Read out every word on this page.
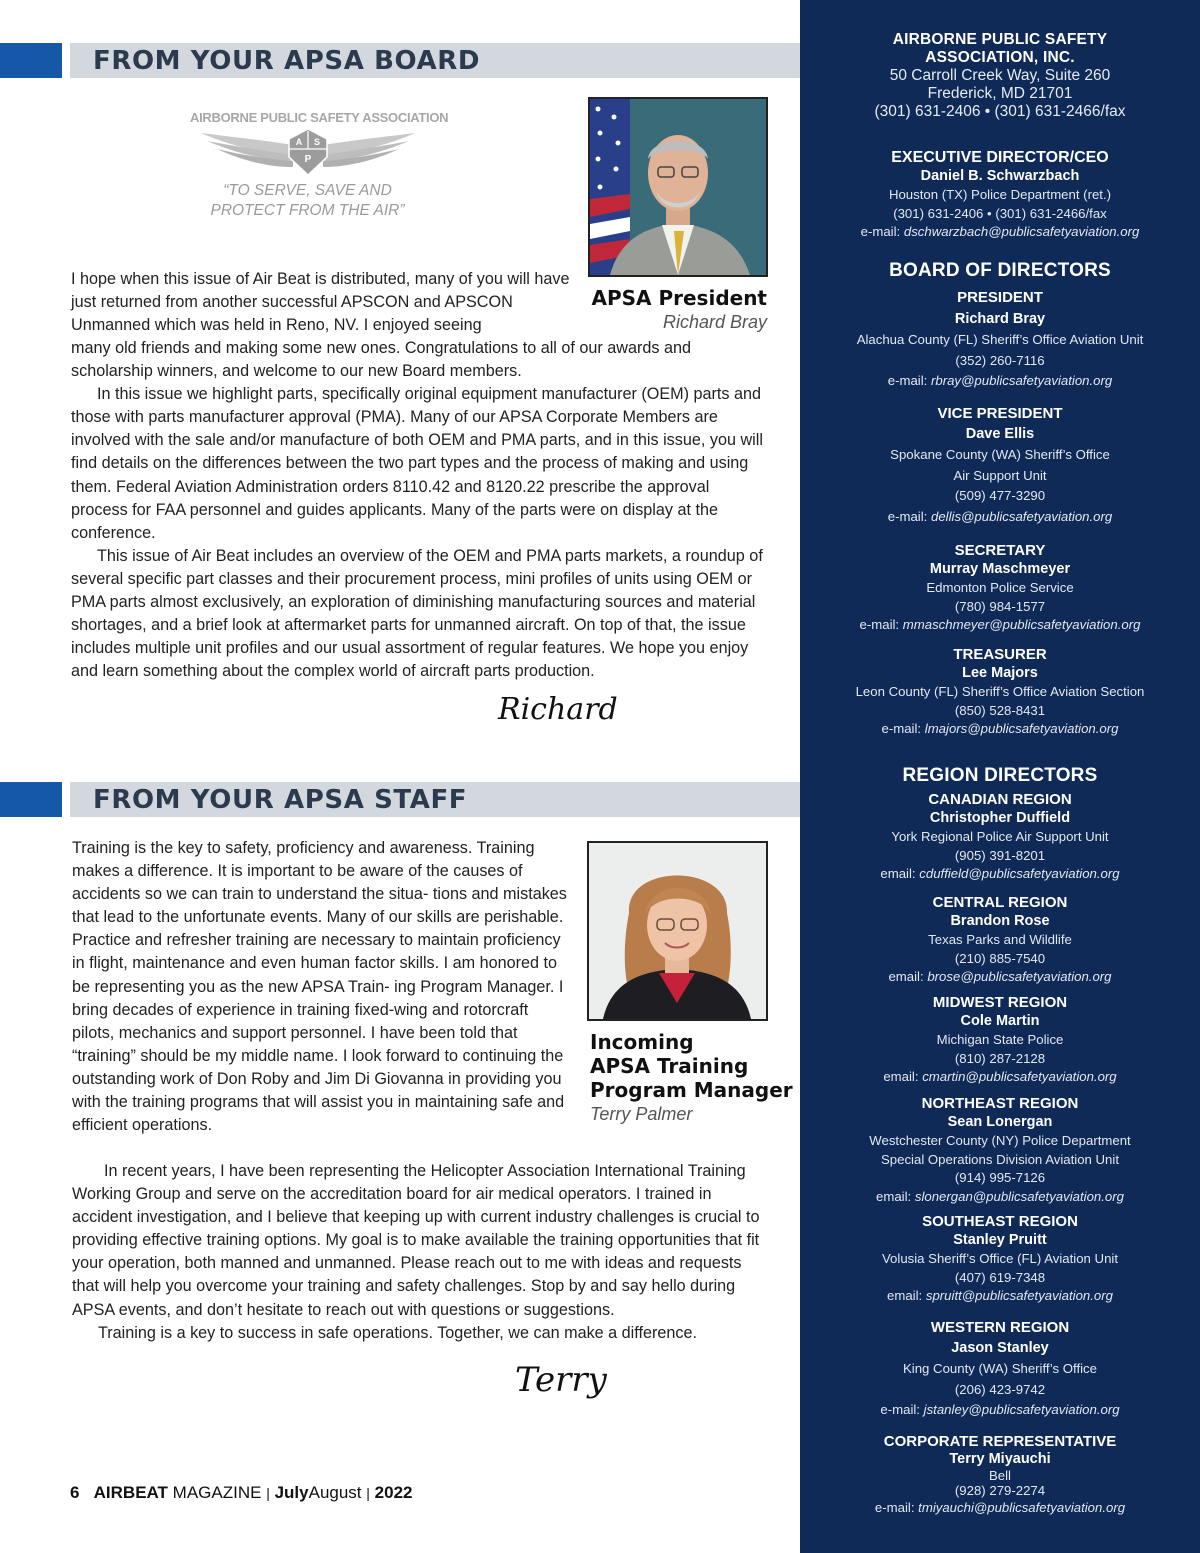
FROM YOUR APSA BOARD
AIRBORNE PUBLIC SAFETY ASSOCIATION
A S
P
“TO SERVE, SAVE AND
PROTECT FROM THE AIR”
APSA President
Richard Bray
I hope when this issue of Air Beat is distributed, many of you will have just returned from another successful APSCON and APSCON Unmanned which was held in Reno, NV. I enjoyed seeing

many old friends and making some new ones. Congratulations to all of our awards and scholarship winners, and welcome to our new Board members.

In this issue we highlight parts, specifically original equipment manufacturer (OEM) parts and those with parts manufacturer approval (PMA). Many of our APSA Corporate Members are involved with the sale and/or manufacture of both OEM and PMA parts, and in this issue, you will find details on the differences between the two part types and the process of making and using them. Federal Aviation Administration orders 8110.42 and 8120.22 prescribe the approval process for FAA personnel and guides applicants. Many of the parts were on display at the conference.

This issue of Air Beat includes an overview of the OEM and PMA parts markets, a roundup of several specific part classes and their procurement process, mini profiles of units using OEM or PMA parts almost exclusively, an exploration of diminishing manufacturing sources and material shortages, and a brief look at aftermarket parts for unmanned aircraft. On top of that, the issue includes multiple unit profiles and our usual assortment of regular features. We hope you enjoy and learn something about the complex world of aircraft parts production.

Richard
FROM YOUR APSA STAFF
Incoming
APSA Training
Program Manager
Terry Palmer
Training is the key to safety, proficiency and awareness. Training makes a difference. It is important to be aware of the causes of accidents so we can train to understand the situa- tions and mistakes that lead to the unfortunate events. Many of our skills are perishable. Practice and refresher training are necessary to maintain proficiency in flight, maintenance and even human factor skills. I am honored to be representing you as the new APSA Train- ing Program Manager. I bring decades of experience in training fixed-wing and rotorcraft pilots, mechanics and support personnel. I have been told that “training” should be my middle name. I look forward to continuing the outstanding work of Don Roby and Jim Di Giovanna in providing you with the training programs that will assist you in maintaining safe and efficient operations.

In recent years, I have been representing the Helicopter Association International Training Working Group and serve on the accreditation board for air medical operators. I trained in accident investigation, and I believe that keeping up with current industry challenges is crucial to providing effective training options. My goal is to make available the training opportunities that fit your operation, both manned and unmanned. Please reach out to me with ideas and requests that will help you overcome your training and safety challenges. Stop by and say hello during APSA events, and don’t hesitate to reach out with questions or suggestions.

Training is a key to success in safe operations. Together, we can make a difference.

Terry
6 AIRBEAT MAGAZINE | JulyAugust | 2022
AIRBORNE PUBLIC SAFETY
ASSOCIATION, INC.
50 Carroll Creek Way, Suite 260
Frederick, MD 21701
(301) 631-2406 • (301) 631-2466/fax
EXECUTIVE DIRECTOR/CEO
Daniel B. Schwarzbach
Houston (TX) Police Department (ret.)
(301) 631-2406 • (301) 631-2466/fax
e-mail: dschwarzbach@publicsafetyaviation.org
BOARD OF DIRECTORS
PRESIDENT
Richard Bray
Alachua County (FL) Sheriff’s Office Aviation Unit
(352) 260-7116
e-mail: rbray@publicsafetyaviation.org
VICE PRESIDENT
Dave Ellis
Spokane County (WA) Sheriff’s Office
Air Support Unit
(509) 477-3290
e-mail: dellis@publicsafetyaviation.org
SECRETARY
Murray Maschmeyer
Edmonton Police Service
(780) 984-1577
e-mail: mmaschmeyer@publicsafetyaviation.org
TREASURER
Lee Majors
Leon County (FL) Sheriff’s Office Aviation Section
(850) 528-8431
e-mail: lmajors@publicsafetyaviation.org
REGION DIRECTORS
CANADIAN REGION
Christopher Duffield
York Regional Police Air Support Unit
(905) 391-8201
email: cduffield@publicsafetyaviation.org
CENTRAL REGION
Brandon Rose
Texas Parks and Wildlife
(210) 885-7540
email: brose@publicsafetyaviation.org
MIDWEST REGION
Cole Martin
Michigan State Police
(810) 287-2128
email: cmartin@publicsafetyaviation.org
NORTHEAST REGION
Sean Lonergan
Westchester County (NY) Police Department
Special Operations Division Aviation Unit
(914) 995-7126
email: slonergan@publicsafetyaviation.org
SOUTHEAST REGION
Stanley Pruitt
Volusia Sheriff’s Office (FL) Aviation Unit
(407) 619-7348
email: spruitt@publicsafetyaviation.org
WESTERN REGION
Jason Stanley
King County (WA) Sheriff’s Office
(206) 423-9742
e-mail: jstanley@publicsafetyaviation.org
CORPORATE REPRESENTATIVE
Terry Miyauchi
Bell
(928) 279-2274
e-mail: tmiyauchi@publicsafetyaviation.org
